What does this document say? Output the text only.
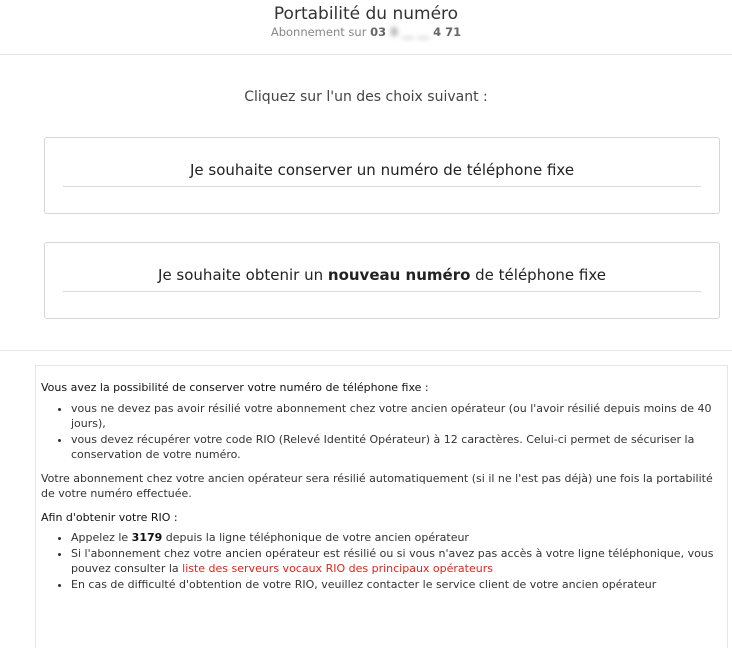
Portabilité du numéro
Abonnement sur 03 8 __ __ 4 71
Cliquez sur l'un des choix suivant :
Je souhaite conserver un numéro de téléphone fixe
Je souhaite obtenir un nouveau numéro de téléphone fixe

Vous avez la possibilité de conserver votre numéro de téléphone fixe :

• vous ne devez pas avoir résilié votre abonnement chez votre ancien opérateur (ou l'avoir résilié depuis moins de 40 jours),
• vous devez récupérer votre code RIO (Relevé Identité Opérateur) à 12 caractères. Celui-ci permet de sécuriser la conservation de votre numéro.

Votre abonnement chez votre ancien opérateur sera résilié automatiquement (si il ne l'est pas déjà) une fois la portabilité de votre numéro effectuée.

Afin d'obtenir votre RIO :

• Appelez le 3179 depuis la ligne téléphonique de votre ancien opérateur
• Si l'abonnement chez votre ancien opérateur est résilié ou si vous n'avez pas accès à votre ligne téléphonique, vous pouvez consulter la liste des serveurs vocaux RIO des principaux opérateurs
• En cas de difficulté d'obtention de votre RIO, veuillez contacter le service client de votre ancien opérateur
